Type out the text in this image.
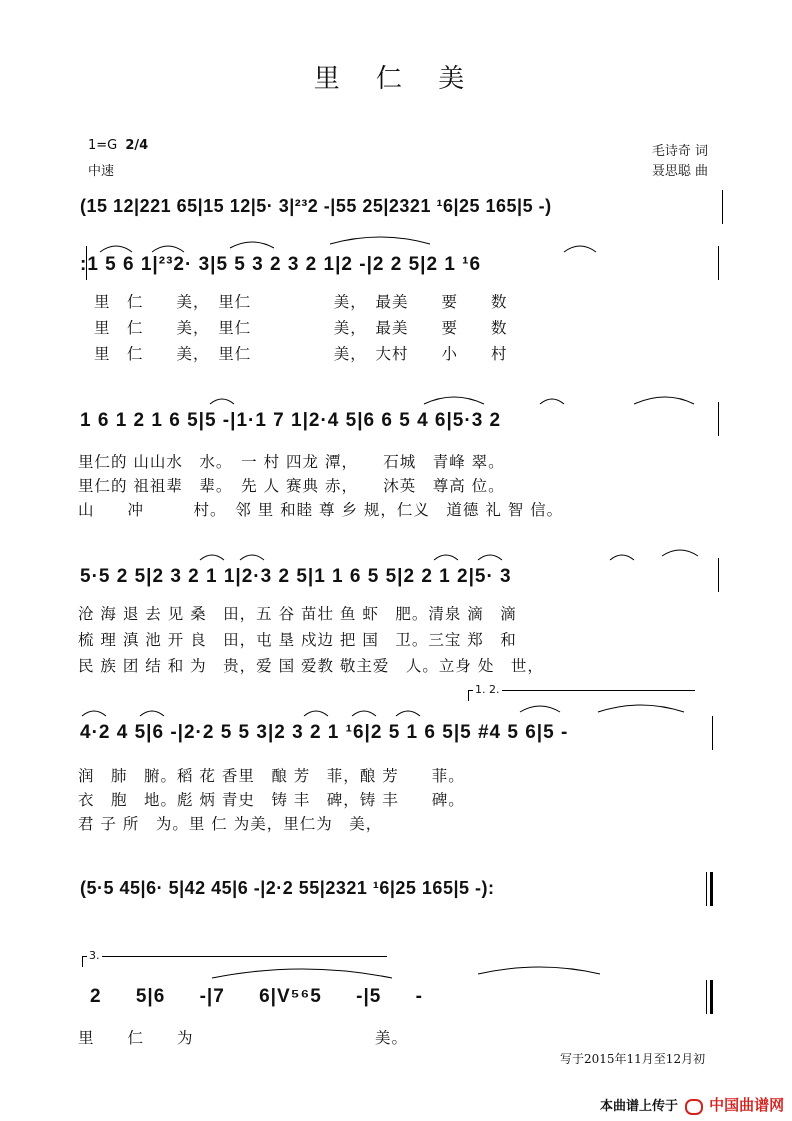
里 仁 美
1=G 2/4
中速
毛诗奇 词
聂思聪 曲
(15 12|221 65|15 12|5· 3|²³2 -|55 25|2321 ¹6|25 165|5 -)
:1 5 6 1|²³2· 3|5 5 3 2 3 2 1|2 -|2 2 5|2 1 ¹6
里　仁　　美，　里仁　　　　　美，　最美　　要　　数
里　仁　　美，　里仁　　　　　美，　最美　　要　　数
里　仁　　美，　里仁　　　　　美，　大村　　小　　村
1 6 1 2 1 6 5|5 -|1·1 7 1|2·4 5|6 6 5 4 6|5·3 2
里仁的 山山水　水。　一 村 四龙 潭，　　石城　青峰 翠。
里仁的 祖祖辈　辈。　先 人 赛典 赤，　　沐英　尊高 位。
山　　冲　　　村。　邻 里 和睦 尊 乡 规，仁义　道德 礼 智 信。
5·5 2 5|2 3 2 1 1|2·3 2 5|1 1 6 5 5|2 2 1 2|5· 3
沧 海 退 去 见 桑　田，五 谷 苗壮 鱼 虾　肥。清泉 滴　滴
梳 理 滇 池 开 良　田，屯 垦 戍边 把 国　卫。三宝 郑　和
民 族 团 结 和 为　贵，爱 国 爱教 敬主爱　人。立身 处　世，
1. 2.
4·2 4 5|6 -|2·2 5 5 3|2 3 2 1 ¹6|2 5 1 6 5|5 #4 5 6|5 -
润　肺　腑。稻 花 香里　酿 芳　菲，酿 芳　　菲。
衣　胞　地。彪 炳 青史　铸 丰　碑，铸 丰　　碑。
君 子 所　为。里 仁 为美，里仁为　美，
(5·5 45|6· 5|42 45|6 -|2·2 55|2321 ¹6|25 165|5 -):
3.
2 5|6 -|7 6|V⁵⁶5 -|5 -
里　　仁　　为　　　　　　　　　　　美。
写于2015年11月至12月初
本曲谱上传于 中国曲谱网
